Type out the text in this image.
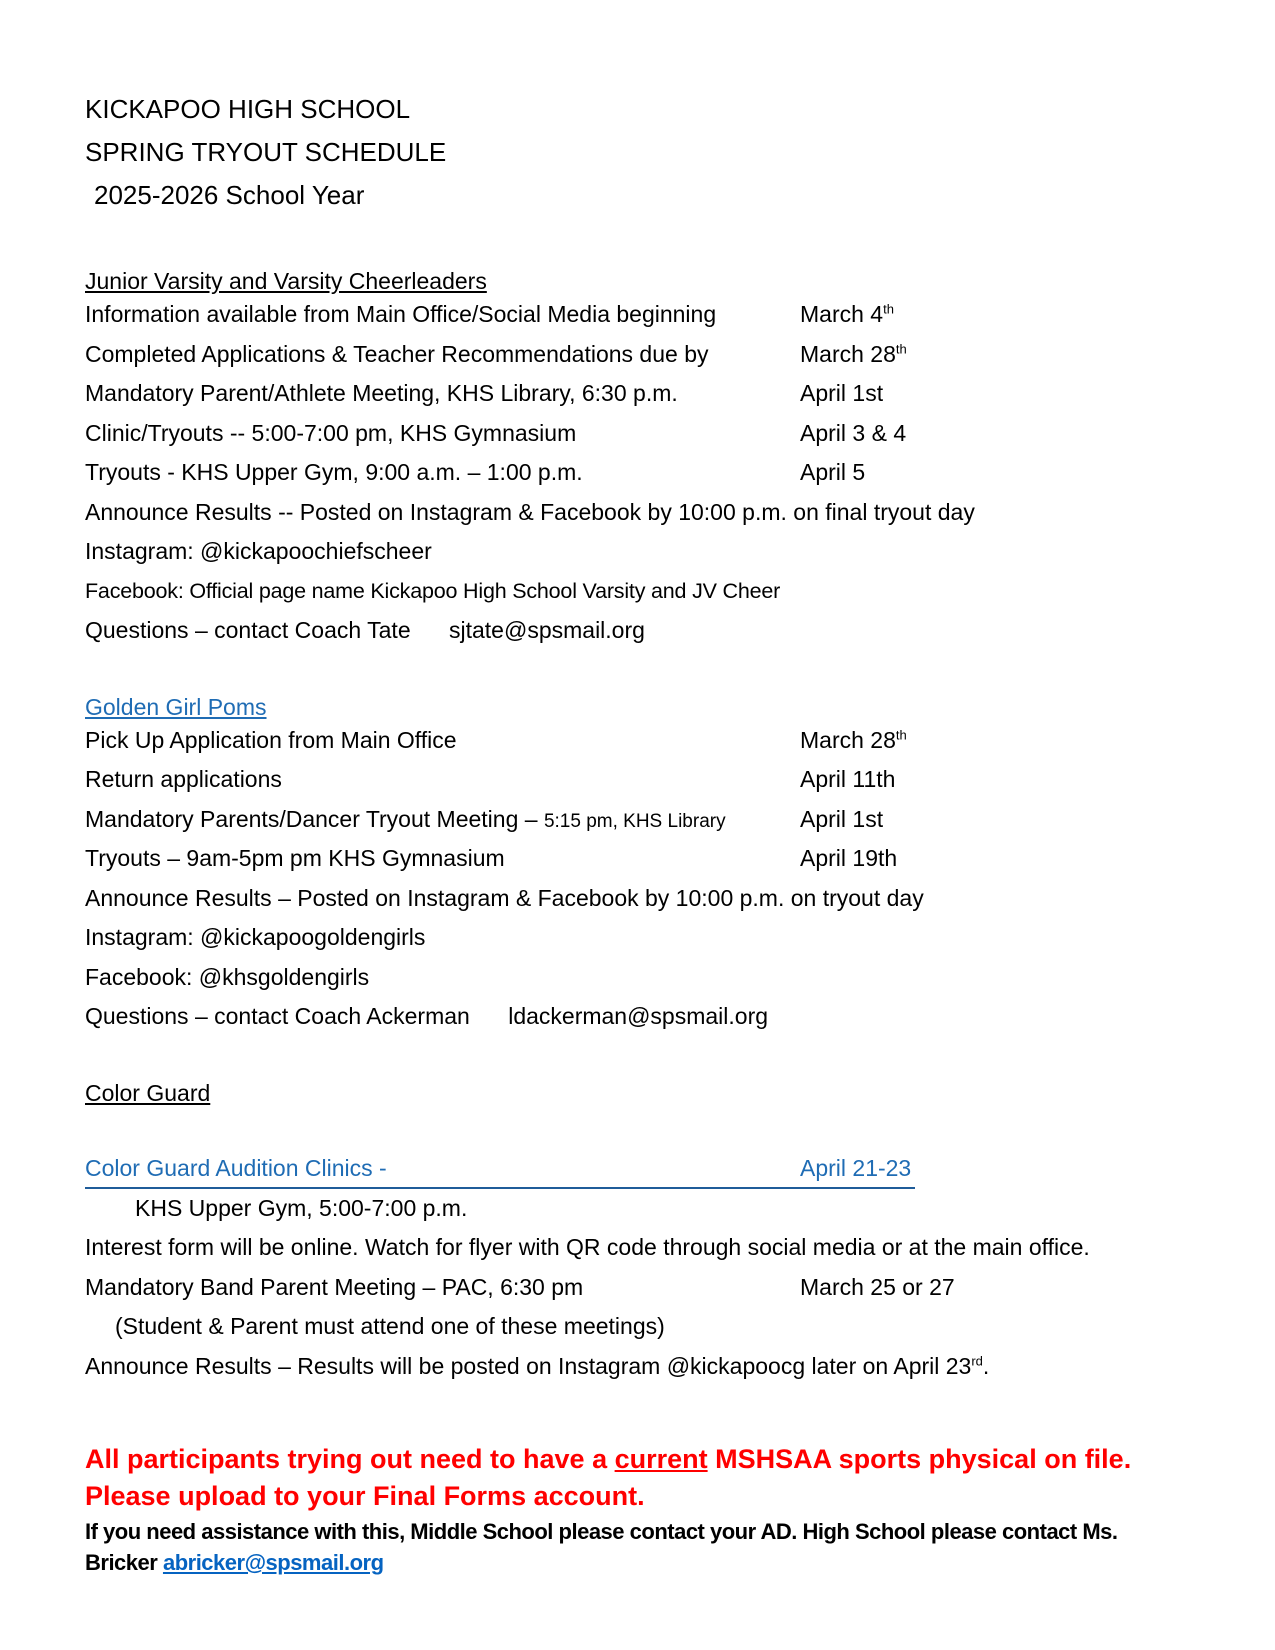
KICKAPOO HIGH SCHOOL
SPRING TRYOUT SCHEDULE
2025-2026 School Year
Junior Varsity and Varsity Cheerleaders
Information available from Main Office/Social Media beginning	March 4th
Completed Applications & Teacher Recommendations due by	March 28th
Mandatory Parent/Athlete Meeting, KHS Library, 6:30 p.m.	April 1st
Clinic/Tryouts -- 5:00-7:00 pm, KHS Gymnasium	April 3 & 4
Tryouts - KHS Upper Gym, 9:00 a.m. – 1:00 p.m.	April 5
Announce Results -- Posted on Instagram & Facebook by 10:00 p.m. on final tryout day
Instagram: @kickapoochiefscheer
Facebook: Official page name Kickapoo High School Varsity and JV Cheer
Questions – contact Coach Tate sjtate@spsmail.org
Golden Girl Poms
Pick Up Application from Main Office	March 28th
Return applications	April 11th
Mandatory Parents/Dancer Tryout Meeting – 5:15 pm, KHS Library	April 1st
Tryouts – 9am-5pm pm KHS Gymnasium	April 19th
Announce Results – Posted on Instagram & Facebook by 10:00 p.m. on tryout day
Instagram: @kickapoogoldengirls
Facebook: @khsgoldengirls
Questions – contact Coach Ackerman ldackerman@spsmail.org
Color Guard
Color Guard Audition Clinics -	April 21-23
KHS Upper Gym, 5:00-7:00 p.m.
Interest form will be online. Watch for flyer with QR code through social media or at the main office.
Mandatory Band Parent Meeting – PAC, 6:30 pm	March 25 or 27
(Student & Parent must attend one of these meetings)
Announce Results – Results will be posted on Instagram @kickapoocg later on April 23rd.
All participants trying out need to have a current MSHSAA sports physical on file.
Please upload to your Final Forms account.
If you need assistance with this, Middle School please contact your AD. High School please contact Ms.
Bricker abricker@spsmail.org
